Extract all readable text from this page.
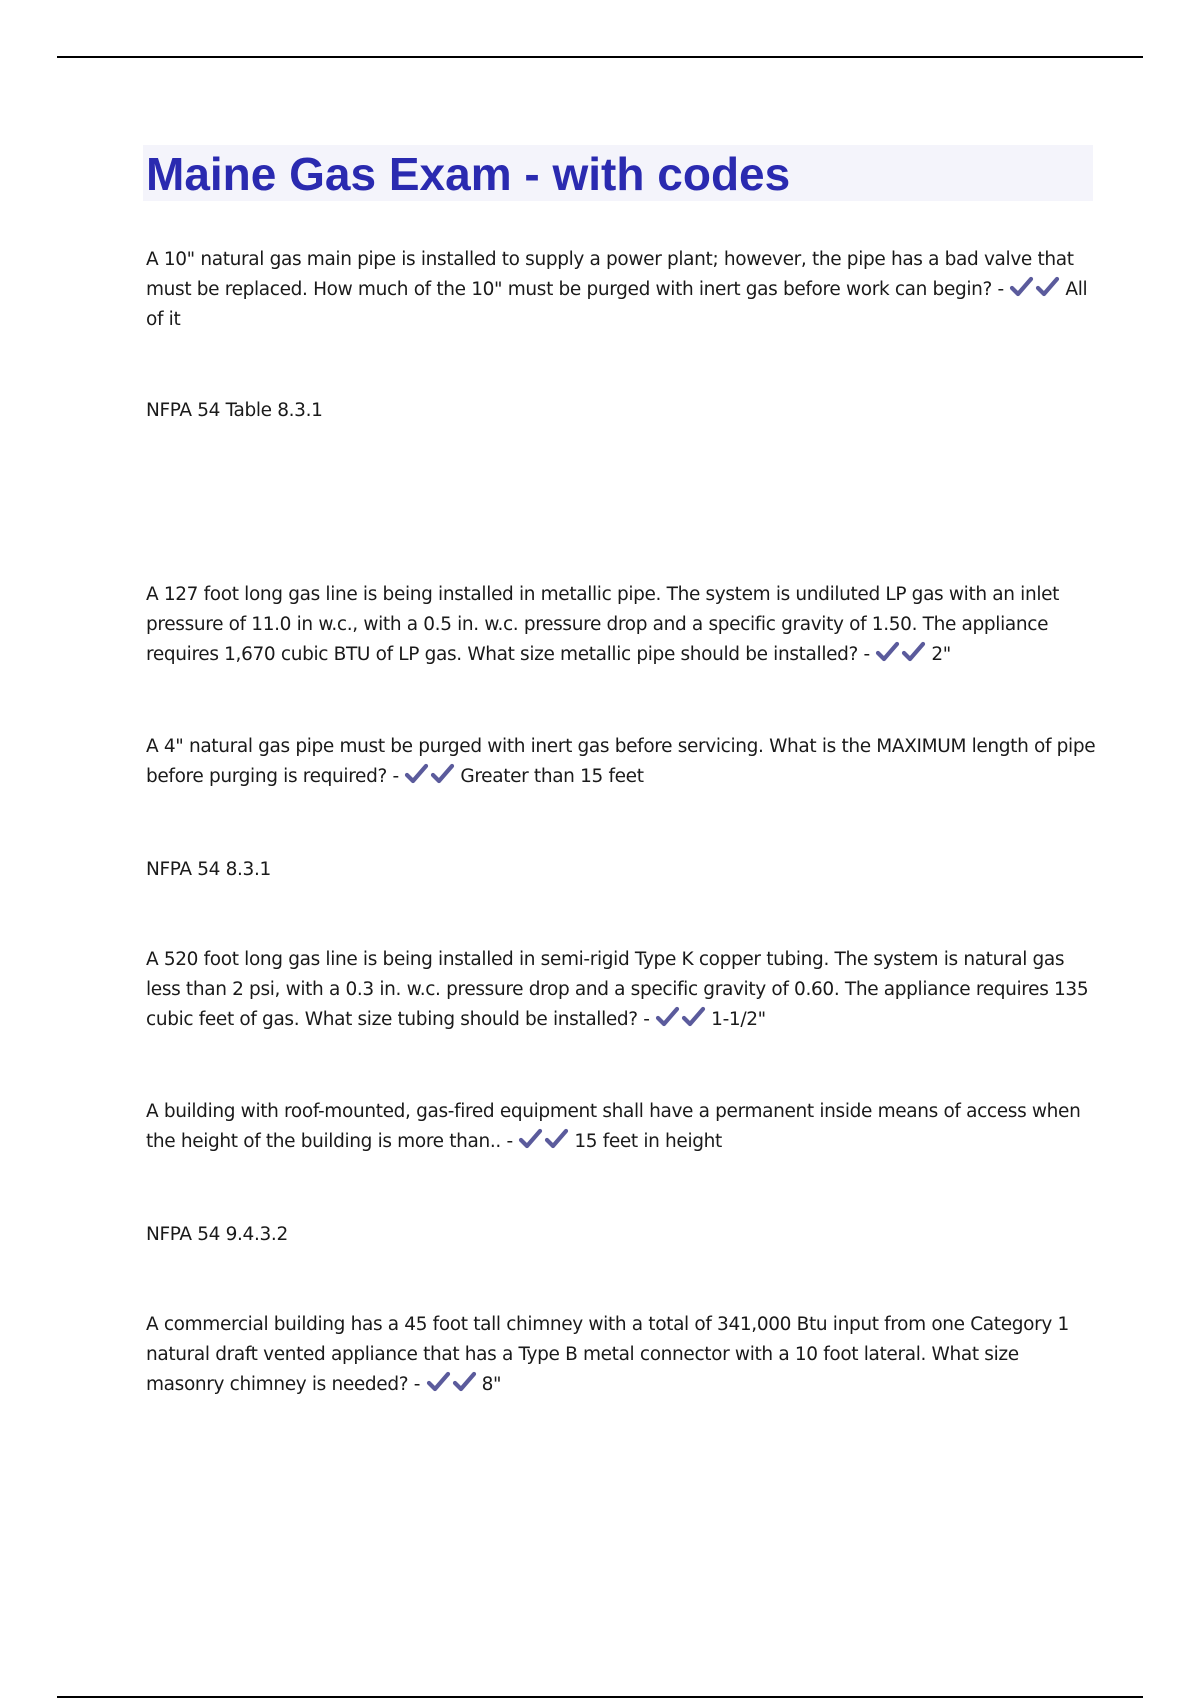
Maine Gas Exam - with codes
A 10" natural gas main pipe is installed to supply a power plant; however, the pipe has a bad valve that must be replaced. How much of the 10" must be purged with inert gas before work can begin? -	All of it
NFPA 54 Table 8.3.1
A 127 foot long gas line is being installed in metallic pipe. The system is undiluted LP gas with an inlet pressure of 11.0 in w.c., with a 0.5 in. w.c. pressure drop and a specific gravity of 1.50. The appliance requires 1,670 cubic BTU of LP gas. What size metallic pipe should be installed? -	2"
A 4" natural gas pipe must be purged with inert gas before servicing. What is the MAXIMUM length of pipe before purging is required? -	Greater than 15 feet
NFPA 54 8.3.1
A 520 foot long gas line is being installed in semi-rigid Type K copper tubing. The system is natural gas less than 2 psi, with a 0.3 in. w.c. pressure drop and a specific gravity of 0.60. The appliance requires 135 cubic feet of gas. What size tubing should be installed? -	1-1/2"
A building with roof-mounted, gas-fired equipment shall have a permanent inside means of access when the height of the building is more than.. -	15 feet in height
NFPA 54 9.4.3.2
A commercial building has a 45 foot tall chimney with a total of 341,000 Btu input from one Category 1 natural draft vented appliance that has a Type B metal connector with a 10 foot lateral. What size masonry chimney is needed? -	8"
